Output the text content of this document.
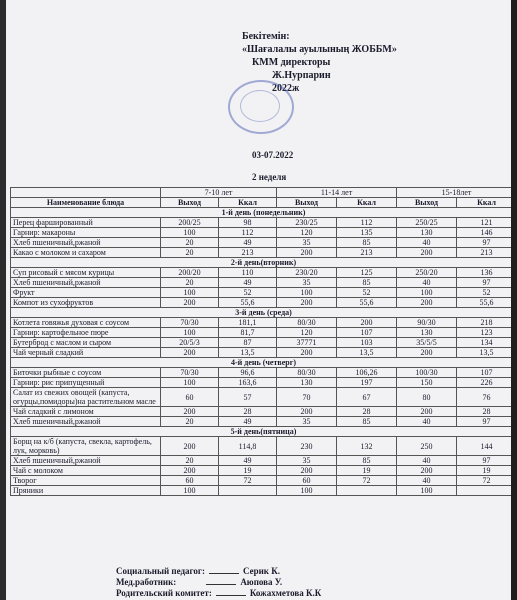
Бекітемін:
«Шағалалы ауылының ЖОББМ»
КММ директоры
Ж.Нурпарин
2022ж
03-07.2022
2 неделя
	7-10 лет		11-14 лет		15-18лет	
Наименование блюда	Выход	Ккал	Выход	Ккал	Выход	Ккал
1-й день (понедельник)						
Перец фаршированный	200/25	98	230/25	112	250/25	121
Гарнир: макароны	100	112	120	135	130	146
Хлеб пшеничный,ржаной	20	49	35	85	40	97
Какао с молоком и сахаром	20	213	200	213	200	213
2-й день(вторник)						
Суп рисовый с мясом курицы	200/20	110	230/20	125	250/20	136
Хлеб пшеничный,ржаной	20	49	35	85	40	97
Фрукт	100	52	100	52	100	52
Компот из сухофруктов	200	55,6	200	55,6	200	55,6
3-й день (среда)						
Котлета говяжья духовая с соусом	70/30	181,1	80/30	200	90/30	218
Гарнир: картофельное пюре	100	81,7	120	107	130	123
Бутерброд с маслом и сыром	20/5/3	87	37771	103	35/5/5	134
Чай черный сладкий	200	13,5	200	13,5	200	13,5
4-й день (четверг)						
Биточки рыбные с соусом	70/30	96,6	80/30	106,26	100/30	107
Гарнир: рис припущенный	100	163,6	130	197	150	226
Салат из свежих овощей (капуста, огурцы,помидоры)на растительном масле	60	57	70	67	80	76
Чай сладкий с лимоном	200	28	200	28	200	28
Хлеб пшеничный,ржаной	20	49	35	85	40	97
5-й день(пятница)						
Борщ на к/б (капуста, свекла, картофель, лук, морковь)	200	114,8	230	132	250	144
Хлеб пшеничный,ржаной	20	49	35	85	40	97
Чай с молоком	200	19	200	19	200	19
Творог	60	72	60	72	40	72
Пряники	100		100		100	
Социальный педагог:	Серик К.
Мед.работник:	Аюпова У.
Родительский комитет:	Кожахметова К.К
